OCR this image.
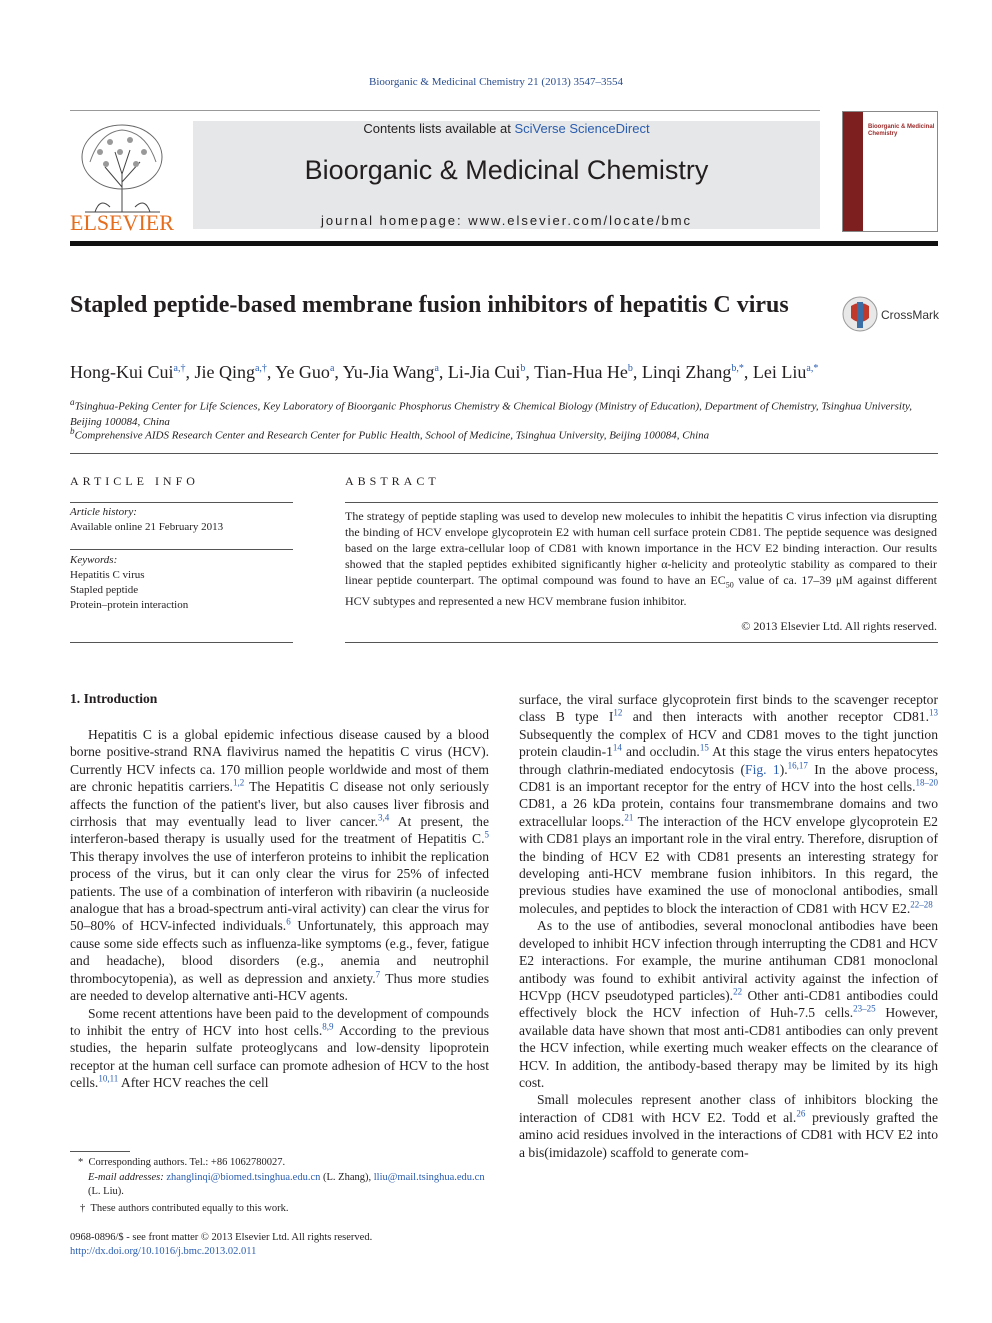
Bioorganic & Medicinal Chemistry 21 (2013) 3547–3554
ELSEVIER
Contents lists available at SciVerse ScienceDirect
Bioorganic & Medicinal Chemistry
journal homepage: www.elsevier.com/locate/bmc
Bioorganic & Medicinal Chemistry
Stapled peptide-based membrane fusion inhibitors of hepatitis C virus	CrossMark
Hong-Kui Cui$^{a,\dagger}$, Jie Qing$^{a,\dagger}$, Ye Guo$^a$, Yu-Jia Wang$^a$, Li-Jia Cui$^b$, Tian-Hua He$^b$, Linqi Zhang$^{b,*}$, Lei Liu$^{a,*}$
$^a$Tsinghua-Peking Center for Life Sciences, Key Laboratory of Bioorganic Phosphorus Chemistry & Chemical Biology (Ministry of Education), Department of Chemistry, Tsinghua University, Beijing 100084, China
$^b$Comprehensive AIDS Research Center and Research Center for Public Health, School of Medicine, Tsinghua University, Beijing 100084, China
ARTICLE INFO
Article history:
Available online 21 February 2013
Keywords:
Hepatitis C virus
Stapled peptide
Protein–protein interaction
ABSTRACT
The strategy of peptide stapling was used to develop new molecules to inhibit the hepatitis C virus infection via disrupting the binding of HCV envelope glycoprotein E2 with human cell surface protein CD81. The peptide sequence was designed based on the large extra-cellular loop of CD81 with known importance in the HCV E2 binding interaction. Our results showed that the stapled peptides exhibited significantly higher α-helicity and proteolytic stability as compared to their linear peptide counterpart. The optimal compound was found to have an $EC_{50}$ value of ca. 17–39 μM against different HCV subtypes and represented a new HCV membrane fusion inhibitor.
© 2013 Elsevier Ltd. All rights reserved.
1. Introduction

Hepatitis C is a global epidemic infectious disease caused by a blood borne positive-strand RNA flavivirus named the hepatitis C virus (HCV). Currently HCV infects ca. 170 million people worldwide and most of them are chronic hepatitis carriers.$^{1,2}$ The Hepatitis C disease not only seriously affects the function of the patient's liver, but also causes liver fibrosis and cirrhosis that may eventually lead to liver cancer.$^{3,4}$ At present, the interferon-based therapy is usually used for the treatment of Hepatitis C.$^5$ This therapy involves the use of interferon proteins to inhibit the replication process of the virus, but it can only clear the virus for 25% of infected patients. The use of a combination of interferon with ribavirin (a nucleoside analogue that has a broad-spectrum anti-viral activity) can clear the virus for 50–80% of HCV-infected individuals.$^6$ Unfortunately, this approach may cause some side effects such as influenza-like symptoms (e.g., fever, fatigue and headache), blood disorders (e.g., anemia and neutrophil thrombocytopenia), as well as depression and anxiety.$^7$ Thus more studies are needed to develop alternative anti-HCV agents.

Some recent attentions have been paid to the development of compounds to inhibit the entry of HCV into host cells.$^{8,9}$ According to the previous studies, the heparin sulfate proteoglycans and low-density lipoprotein receptor at the human cell surface can promote adhesion of HCV to the host cells.$^{10,11}$ After HCV reaches the cell

surface, the viral surface glycoprotein first binds to the scavenger receptor class B type $I^{12}$ and then interacts with another receptor CD81.13 Subsequently the complex of HCV and CD81 moves to the tight junction protein claudin-$1^{14}$ and occludin.$^{15}$ At this stage the virus enters hepatocytes through clathrin-mediated endocytosis (Fig. 1).$^{16,17}$ In the above process, CD81 is an important receptor for the entry of HCV into the host cells.$^{18-20}$ CD81, a 26 kDa protein, contains four transmembrane domains and two extracellular loops.$^{21}$ The interaction of the HCV envelope glycoprotein E2 with CD81 plays an important role in the viral entry. Therefore, disruption of the binding of HCV E2 with CD81 presents an interesting strategy for developing anti-HCV membrane fusion inhibitors. In this regard, the previous studies have examined the use of monoclonal antibodies, small molecules, and peptides to block the interaction of CD81 with HCV E2.$^{22-28}$

As to the use of antibodies, several monoclonal antibodies have been developed to inhibit HCV infection through interrupting the CD81 and HCV E2 interactions. For example, the murine antihuman CD81 monoclonal antibody was found to exhibit antiviral activity against the infection of HCVpp (HCV pseudotyped particles).$^{22}$ Other anti-CD81 antibodies could effectively block the HCV infection of Huh-7.5 cells.$^{23-25}$ However, available data have shown that most anti-CD81 antibodies can only prevent the HCV infection, while exerting much weaker effects on the clearance of HCV. In addition, the antibody-based therapy may be limited by its high cost.

Small molecules represent another class of inhibitors blocking the interaction of CD81 with HCV E2. Todd et al.$^{26}$ previously grafted the amino acid residues involved in the interactions of CD81 with HCV E2 into a bis(imidazole) scaffold to generate com-

* Corresponding authors. Tel.: +86 1062780027.
E-mail addresses: zhanglinqi@biomed.tsinghua.edu.cn (L. Zhang), lliu@mail.tsinghua.edu.cn (L. Liu).
† These authors contributed equally to this work.
0968-0896/$ - see front matter © 2013 Elsevier Ltd. All rights reserved.
http://dx.doi.org/10.1016/j.bmc.2013.02.011
